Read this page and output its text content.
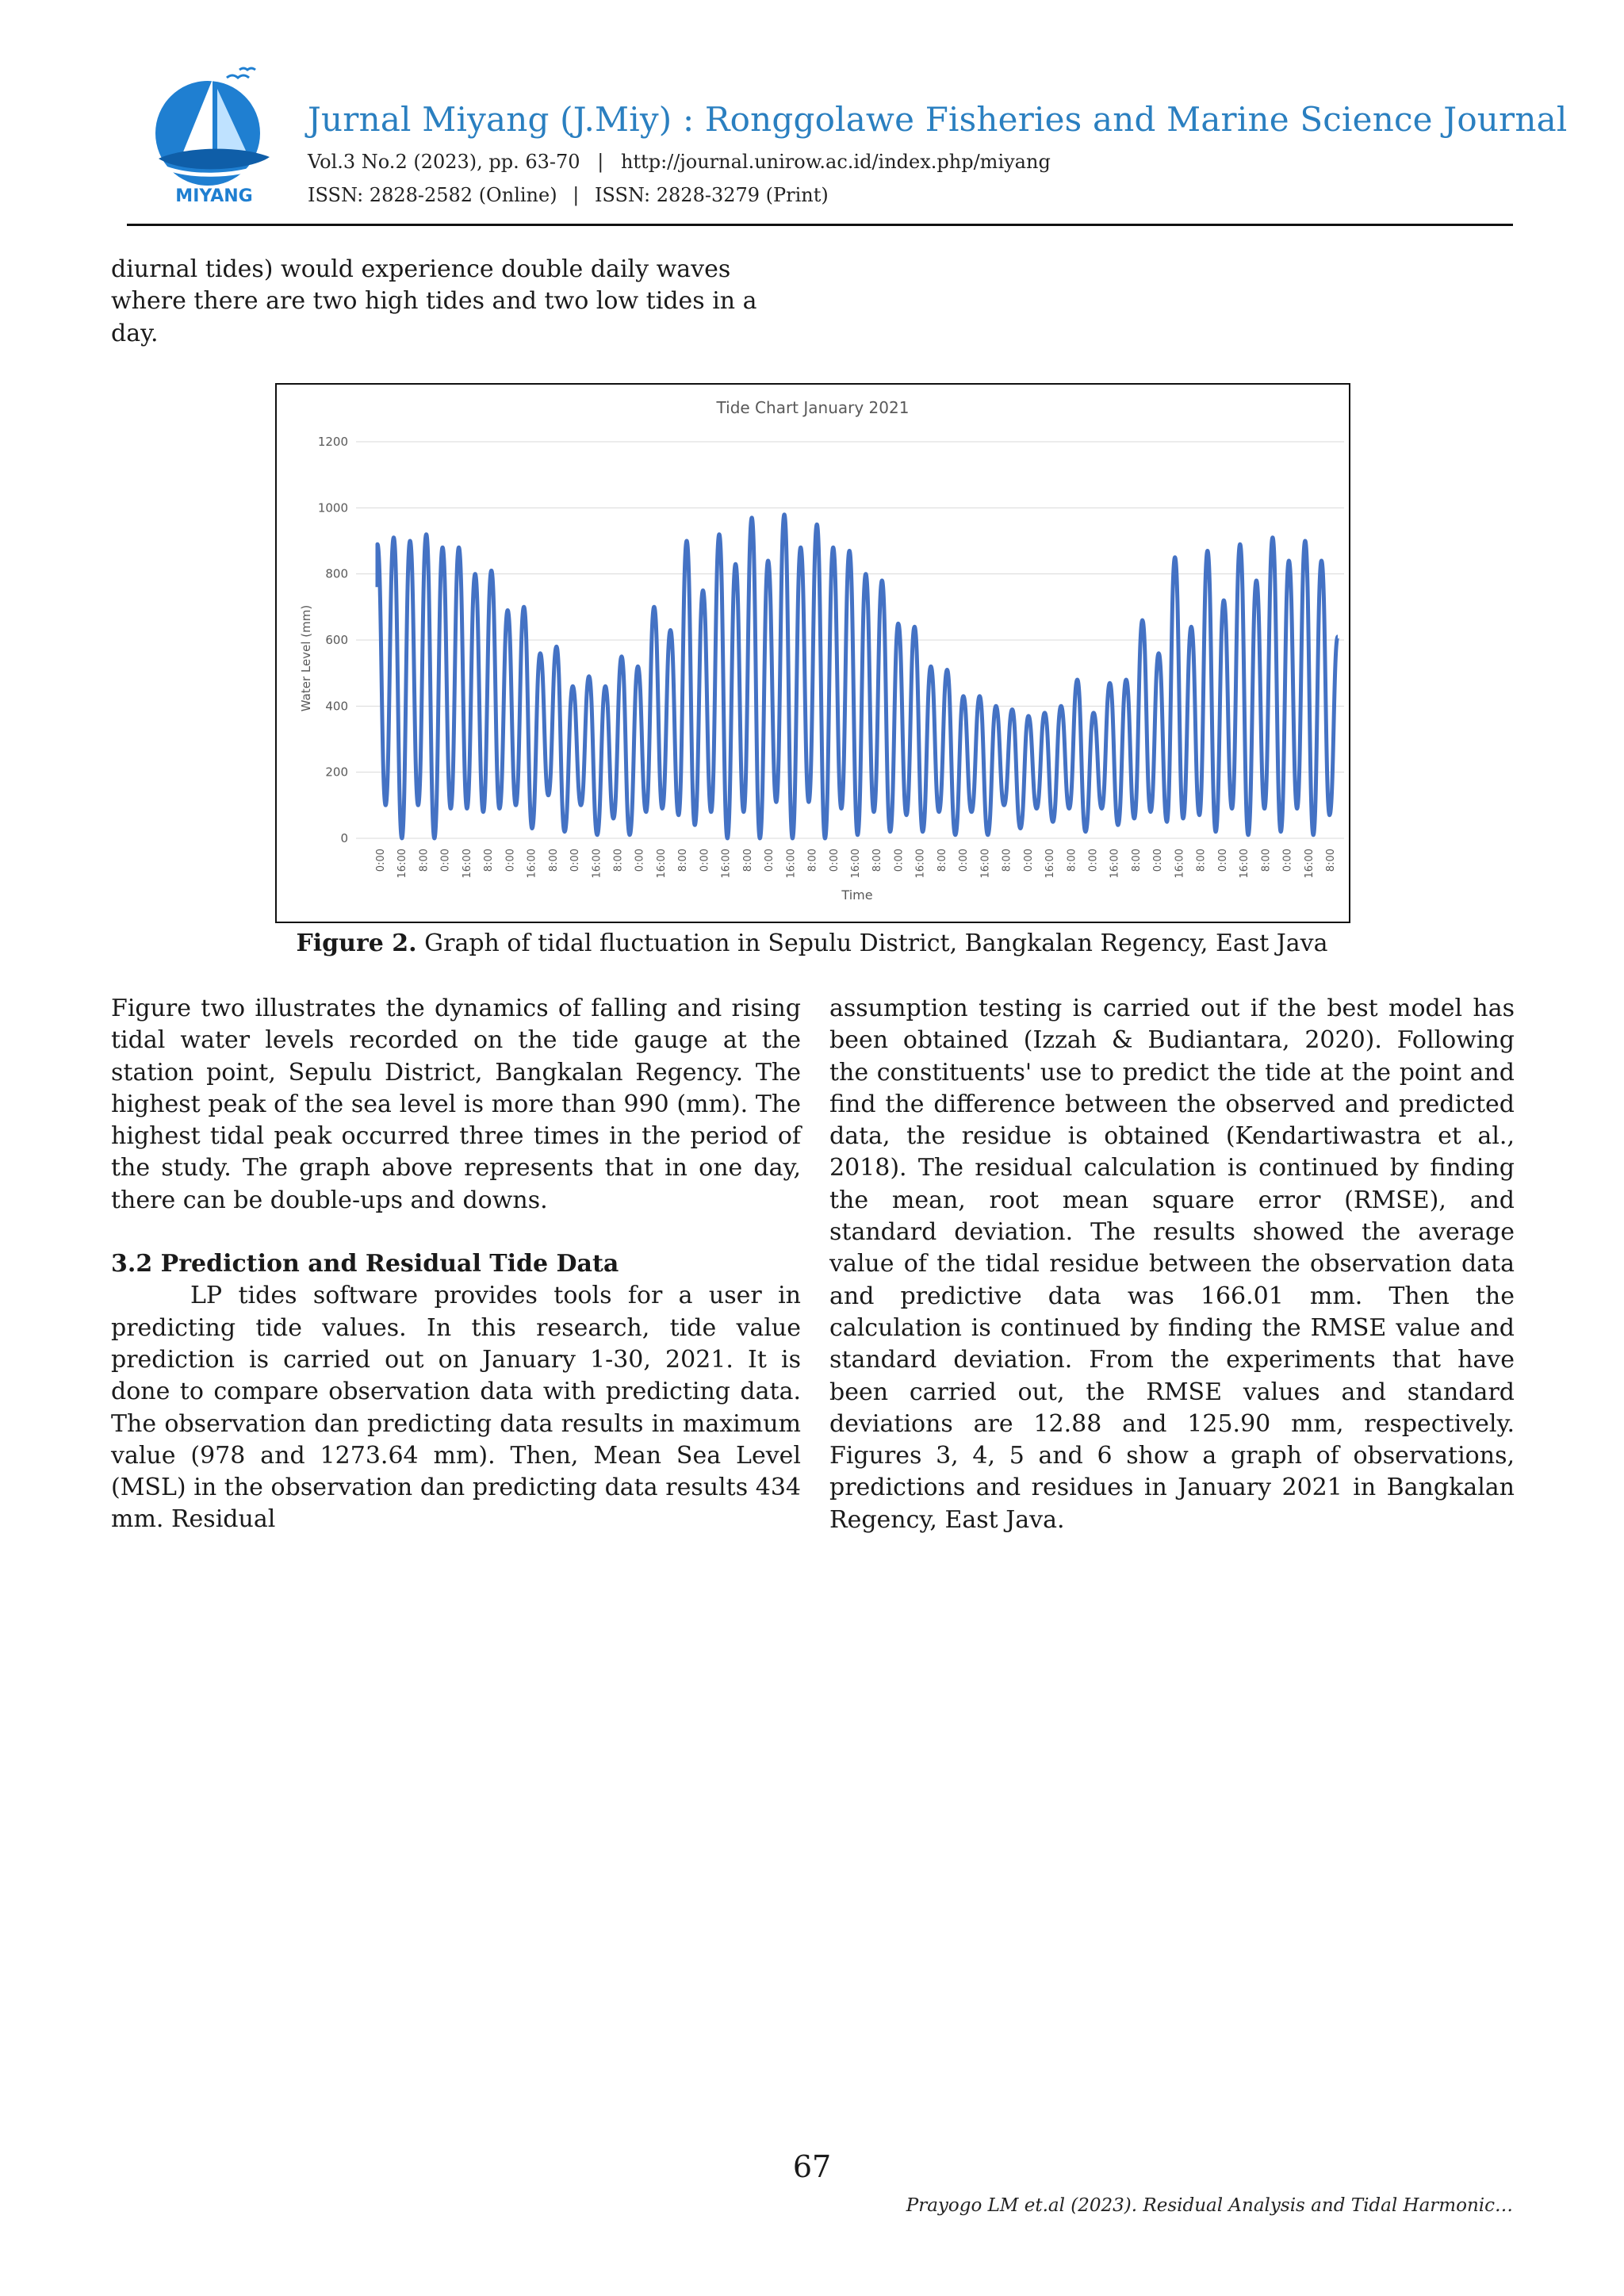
MIYANG
Jurnal Miyang (J.Miy) : Ronggolawe Fisheries and Marine Science Journal
Vol.3 No.2 (2023), pp. 63-70 | http://journal.unirow.ac.id/index.php/miyang
ISSN: 2828-2582 (Online) | ISSN: 2828-3279 (Print)

diurnal tides) would experience double daily waves where there are two high tides and two low tides in a day.

Tide Chart January 2021
0
200
400
600
800
1000
1200
Water Level (mm)
0:00 16:00 8:00 0:00 16:00 8:00 0:00 16:00 8:00 0:00 16:00 8:00 0:00 16:00 8:00 0:00 16:00 8:00 0:00 16:00 8:00 0:00 16:00 8:00 0:00 16:00 8:00 0:00 16:00 8:00 0:00 16:00 8:00 0:00 16:00 8:00 0:00 16:00 8:00 0:00 16:00 8:00 0:00 16:00 8:00
Time
Figure 2. Graph of tidal fluctuation in Sepulu District, Bangkalan Regency, East Java

Figure two illustrates the dynamics of falling and rising tidal water levels recorded on the tide gauge at the station point, Sepulu District, Bangkalan Regency. The highest peak of the sea level is more than 990 (mm). The highest tidal peak occurred three times in the period of the study. The graph above represents that in one day, there can be double-ups and downs.

3.2 Prediction and Residual Tide Data

LP tides software provides tools for a user in predicting tide values. In this research, tide value prediction is carried out on January 1-30, 2021. It is done to compare observation data with predicting data. The observation dan predicting data results in maximum value (978 and 1273.64 mm). Then, Mean Sea Level (MSL) in the observation dan predicting data results 434 mm. Residual

assumption testing is carried out if the best model has been obtained (Izzah & Budiantara, 2020). Following the constituents' use to predict the tide at the point and find the difference between the observed and predicted data, the residue is obtained (Kendartiwastra et al., 2018). The residual calculation is continued by finding the mean, root mean square error (RMSE), and standard deviation. The results showed the average value of the tidal residue between the observation data and predictive data was 166.01 mm. Then the calculation is continued by finding the RMSE value and standard deviation. From the experiments that have been carried out, the RMSE values and standard deviations are 12.88 and 125.90 mm, respectively. Figures 3, 4, 5 and 6 show a graph of observations, predictions and residues in January 2021 in Bangkalan Regency, East Java.

67
Prayogo LM et.al (2023). Residual Analysis and Tidal Harmonic…
